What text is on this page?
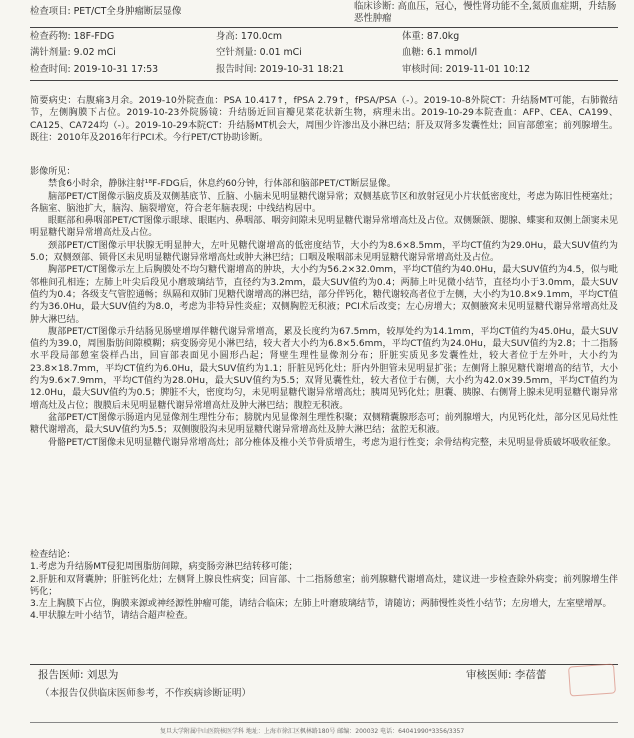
检查项目: PET/CT全身肿瘤断层显像	临床诊断: 高血压，冠心，慢性肾功能不全,氮质血症期，升结肠恶性肿瘤
检查药物: 18F-FDG	身高: 170.0cm	体重: 87.0kg
满针剂量: 9.02 mCi	空针剂量: 0.01 mCi	血糖: 6.1 mmol/l
检查时间: 2019-10-31 17:53	报告时间: 2019-10-31 18:21	审核时间: 2019-11-01 10:12

简要病史：右腹痛3月余。2019-10外院查血：PSA 10.417↑，fPSA 2.79↑，fPSA/PSA（-）。2019-10-8外院CT：升结肠MT可能，右肺微结节，左侧胸膜下占位。2019-10-23外院肠镜：升结肠近回盲瓣见菜花状新生物，病理未出。2019-10-29本院查血：AFP、CEA、CA199、CA125、CA724均（-）。2019-10-29本院CT：升结肠MT机会大，周围少许渗出及小淋巴结；肝及双肾多发囊性灶；回盲部憩室；前列腺增生。既往：2010年及2016年行PCI术。今行PET/CT协助诊断。

影像所见：

禁食6小时余，静脉注射¹⁸F-FDG后，休息约60分钟，行体部和脑部PET/CT断层显像。

脑部PET/CT图像示脑皮质及双侧基底节、丘脑、小脑未见明显糖代谢异常；双侧基底节区和放射冠见小片状低密度灶，考虑为陈旧性梗塞灶；各脑室、脑池扩大，脑沟、脑裂增宽，符合老年脑表现；中线结构居中。

眼眶部和鼻咽部PET/CT图像示眼球、眼眶内、鼻咽部、咽旁间隙未见明显糖代谢异常增高灶及占位。双侧颞颌、腮腺、蝶窦和双侧上颌窦未见明显糖代谢异常增高灶及占位。

颈部PET/CT图像示甲状腺无明显肿大，左叶见糖代谢增高的低密度结节，大小约为8.6×8.5mm，平均CT值约为29.0Hu，最大SUV值约为5.0；双侧颈部、锁骨区未见明显糖代谢异常增高灶或肿大淋巴结；口咽及喉咽部未见明显糖代谢异常增高灶及占位。

胸部PET/CT图像示左上后胸膜处不均匀糖代谢增高的肿块，大小约为56.2×32.0mm，平均CT值约为40.0Hu，最大SUV值约为4.5，似与毗邻椎间孔相连；左肺上叶尖后段见小磨玻璃结节，直径约为3.2mm，最大SUV值约为0.4；两肺上叶见微小结节，直径均小于3.0mm，最大SUV值约为0.4；各级支气管腔通畅；纵隔和双肺门见糖代谢增高的淋巴结，部分伴钙化，糖代谢较高者位于左侧，大小约为10.8×9.1mm，平均CT值约为36.0Hu，最大SUV值约为8.0，考虑为非特异性炎症；双侧胸腔无积液；PCI术后改变；左心房增大；双侧腋窝未见明显糖代谢异常增高灶及肿大淋巴结。

腹部PET/CT图像示升结肠见肠壁增厚伴糖代谢异常增高，累及长度约为67.5mm，较厚处约为14.1mm，平均CT值约为45.0Hu，最大SUV值约为39.0，周围脂肪间隙模糊；病变肠旁见小淋巴结，较大者大小约为6.8×5.6mm，平均CT值约为24.0Hu，最大SUV值约为2.8；十二指肠水平段局部憩室袋样凸出，回盲部表面见小圆形凸起；肾壁生理性显像剂分布；肝脏实质见多发囊性灶，较大者位于左外叶，大小约为23.8×18.7mm，平均CT值约为6.0Hu，最大SUV值约为1.1；肝脏见钙化灶；肝内外胆管未见明显扩张；左侧肾上腺见糖代谢增高的结节，大小约为9.6×7.9mm，平均CT值约为28.0Hu，最大SUV值约为5.5；双肾见囊性灶，较大者位于右侧，大小约为42.0×39.5mm，平均CT值约为12.0Hu，最大SUV值约为0.5；脾脏不大，密度均匀，未见明显糖代谢异常增高灶；胰周见钙化灶；胆囊、胰腺、右侧肾上腺未见明显糖代谢异常增高灶及占位；腹膜后未见明显糖代谢异常增高灶及肿大淋巴结；腹腔无积液。

盆部PET/CT图像示肠道内见显像剂生理性分布；膀胱内见显像剂生理性积聚；双侧精囊腺形态可；前列腺增大，内见钙化灶，部分区见局灶性糖代谢增高，最大SUV值约为5.5；双侧腹股沟未见明显糖代谢异常增高灶及肿大淋巴结；盆腔无积液。

骨骼PET/CT图像未见明显糖代谢异常增高灶；部分椎体及椎小关节骨质增生，考虑为退行性变；余骨结构完整，未见明显骨质破坏吸收征象。

检查结论：

1.考虑为升结肠MT侵犯周围脂肪间隙，病变肠旁淋巴结转移可能；

2.肝脏和双肾囊肿；肝脏钙化灶；左侧肾上腺良性病变；回盲部、十二指肠憩室；前列腺糖代谢增高灶，建议进一步检查除外病变；前列腺增生伴钙化；

3.左上胸膜下占位，胸膜来源或神经源性肿瘤可能，请结合临床；左肺上叶磨玻璃结节，请随访；两肺慢性炎性小结节；左房增大，左室壁增厚。

4.甲状腺左叶小结节，请结合超声检查。

报告医师: 刘思为	审核医师: 李蓓蕾
（本报告仅供临床医师参考，不作疾病诊断证明）
复旦大学附属中山医院核医学科 地址：上海市徐汇区枫林路180号 邮编：200032 电话：64041990*3356/3357
